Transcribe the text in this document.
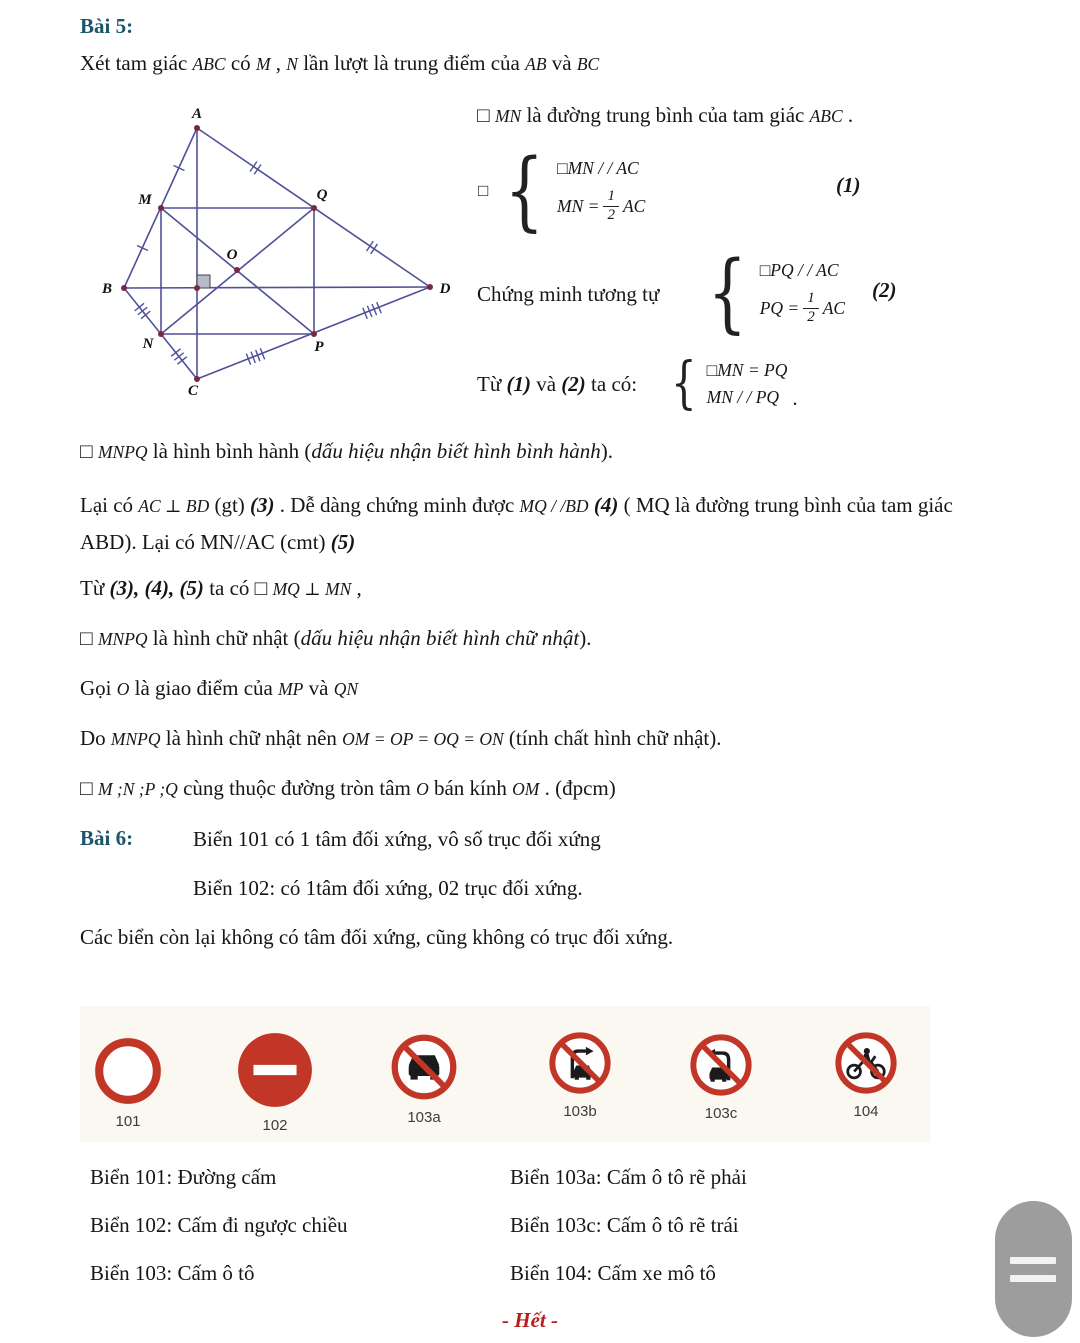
Bài 5:
Xét tam giác ABC có M , N lần lượt là trung điểm của AB và BC
A
M	Q
O
B	D
N	P
C
□ MN là đường trung bình của tam giác ABC .
□ { □MN / / AC
MN = $\frac{1}{2}$ AC
(1)
Chứng minh tương tự { □PQ / / AC
PQ = $\frac{1}{2}$ AC
(2)
Từ (1) và (2) ta có: { □MN = PQ
MN / / PQ .
□ MNPQ là hình bình hành (dấu hiệu nhận biết hình bình hành).
Lại có AC ⊥ BD (gt) (3) . Dễ dàng chứng minh được MQ / /BD (4) ( MQ là đường trung bình của tam giác ABD). Lại có MN//AC (cmt) (5)
Từ (3), (4), (5) ta có □ MQ ⊥ MN ,
□ MNPQ là hình chữ nhật (dấu hiệu nhận biết hình chữ nhật).
Gọi O là giao điểm của MP và QN
Do MNPQ là hình chữ nhật nên OM = OP = OQ = ON (tính chất hình chữ nhật).
□ M ;N ;P ;Q cùng thuộc đường tròn tâm O bán kính OM . (đpcm)
Bài 6:	Biển 101 có 1 tâm đối xứng, vô số trục đối xứng
Biển 102: có 1tâm đối xứng, 02 trục đối xứng.
Các biển còn lại không có tâm đối xứng, cũng không có trục đối xứng.
101	102	103a	103b	103c	104
Biển 101: Đường cấm
Biển 102: Cấm đi ngược chiều
Biển 103: Cấm ô tô
Biển 103a: Cấm ô tô rẽ phải
Biển 103c: Cấm ô tô rẽ trái
Biển 104: Cấm xe mô tô
- Hết -
